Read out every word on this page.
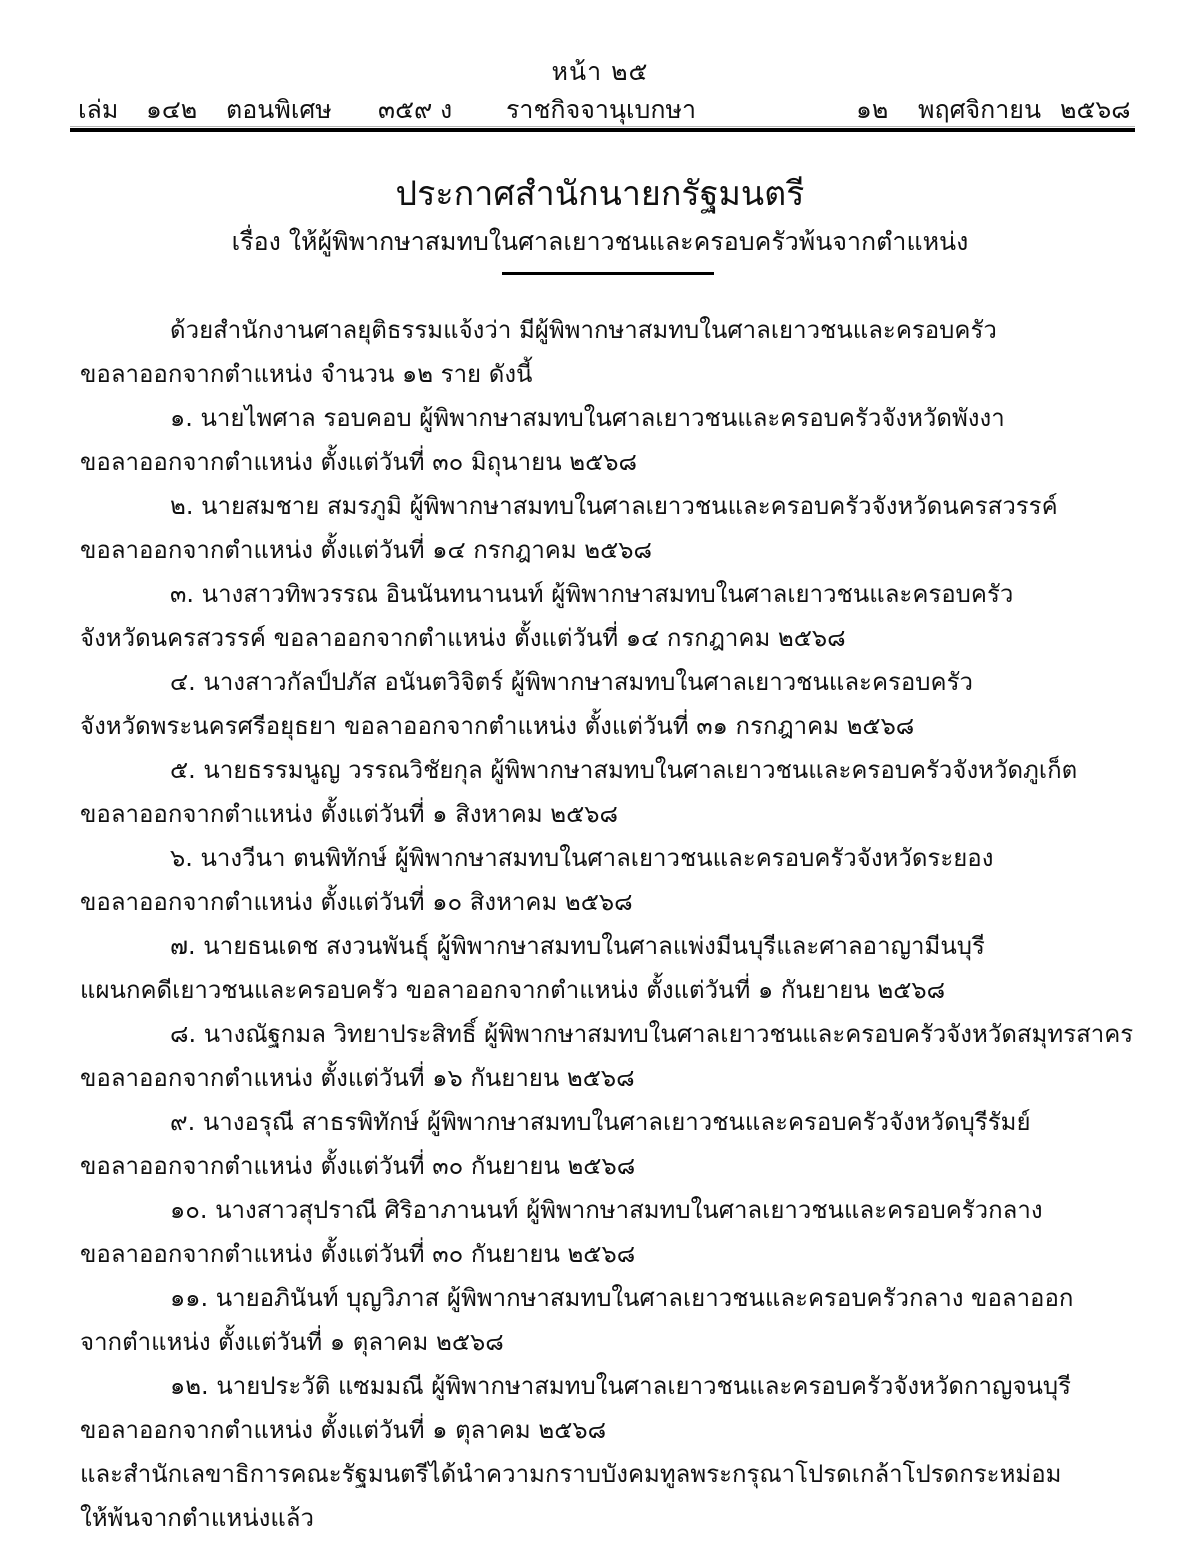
หน้า ๒๕
เล่ม ๑๔๒ ตอนพิเศษ ๓๕๙ ง ราชกิจจานุเบกษา	๑๒ พฤศจิกายน ๒๕๖๘
ประกาศสำนักนายกรัฐมนตรี
เรื่อง ให้ผู้พิพากษาสมทบในศาลเยาวชนและครอบครัวพ้นจากตำแหน่ง
ด้วยสำนักงานศาลยุติธรรมแจ้งว่า มีผู้พิพากษาสมทบในศาลเยาวชนและครอบครัว
ขอลาออกจากตำแหน่ง จำนวน ๑๒ ราย ดังนี้
๑. นายไพศาล รอบคอบ ผู้พิพากษาสมทบในศาลเยาวชนและครอบครัวจังหวัดพังงา
ขอลาออกจากตำแหน่ง ตั้งแต่วันที่ ๓๐ มิถุนายน ๒๕๖๘
๒. นายสมชาย สมรภูมิ ผู้พิพากษาสมทบในศาลเยาวชนและครอบครัวจังหวัดนครสวรรค์
ขอลาออกจากตำแหน่ง ตั้งแต่วันที่ ๑๔ กรกฎาคม ๒๕๖๘
๓. นางสาวทิพวรรณ อินนันทนานนท์ ผู้พิพากษาสมทบในศาลเยาวชนและครอบครัว
จังหวัดนครสวรรค์ ขอลาออกจากตำแหน่ง ตั้งแต่วันที่ ๑๔ กรกฎาคม ๒๕๖๘
๔. นางสาวกัลป์ปภัส อนันตวิจิตร์ ผู้พิพากษาสมทบในศาลเยาวชนและครอบครัว
จังหวัดพระนครศรีอยุธยา ขอลาออกจากตำแหน่ง ตั้งแต่วันที่ ๓๑ กรกฎาคม ๒๕๖๘
๕. นายธรรมนูญ วรรณวิชัยกุล ผู้พิพากษาสมทบในศาลเยาวชนและครอบครัวจังหวัดภูเก็ต
ขอลาออกจากตำแหน่ง ตั้งแต่วันที่ ๑ สิงหาคม ๒๕๖๘
๖. นางวีนา ตนพิทักษ์ ผู้พิพากษาสมทบในศาลเยาวชนและครอบครัวจังหวัดระยอง
ขอลาออกจากตำแหน่ง ตั้งแต่วันที่ ๑๐ สิงหาคม ๒๕๖๘
๗. นายธนเดช สงวนพันธุ์ ผู้พิพากษาสมทบในศาลแพ่งมีนบุรีและศาลอาญามีนบุรี
แผนกคดีเยาวชนและครอบครัว ขอลาออกจากตำแหน่ง ตั้งแต่วันที่ ๑ กันยายน ๒๕๖๘
๘. นางณัฐกมล วิทยาประสิทธิ์ ผู้พิพากษาสมทบในศาลเยาวชนและครอบครัวจังหวัดสมุทรสาคร
ขอลาออกจากตำแหน่ง ตั้งแต่วันที่ ๑๖ กันยายน ๒๕๖๘
๙. นางอรุณี สาธรพิทักษ์ ผู้พิพากษาสมทบในศาลเยาวชนและครอบครัวจังหวัดบุรีรัมย์
ขอลาออกจากตำแหน่ง ตั้งแต่วันที่ ๓๐ กันยายน ๒๕๖๘
๑๐. นางสาวสุปราณี ศิริอาภานนท์ ผู้พิพากษาสมทบในศาลเยาวชนและครอบครัวกลาง
ขอลาออกจากตำแหน่ง ตั้งแต่วันที่ ๓๐ กันยายน ๒๕๖๘
๑๑. นายอภินันท์ บุญวิภาส ผู้พิพากษาสมทบในศาลเยาวชนและครอบครัวกลาง ขอลาออก
จากตำแหน่ง ตั้งแต่วันที่ ๑ ตุลาคม ๒๕๖๘
๑๒. นายประวัติ แซมมณี ผู้พิพากษาสมทบในศาลเยาวชนและครอบครัวจังหวัดกาญจนบุรี
ขอลาออกจากตำแหน่ง ตั้งแต่วันที่ ๑ ตุลาคม ๒๕๖๘
และสำนักเลขาธิการคณะรัฐมนตรีได้นำความกราบบังคมทูลพระกรุณาโปรดเกล้าโปรดกระหม่อม
ให้พ้นจากตำแหน่งแล้ว
